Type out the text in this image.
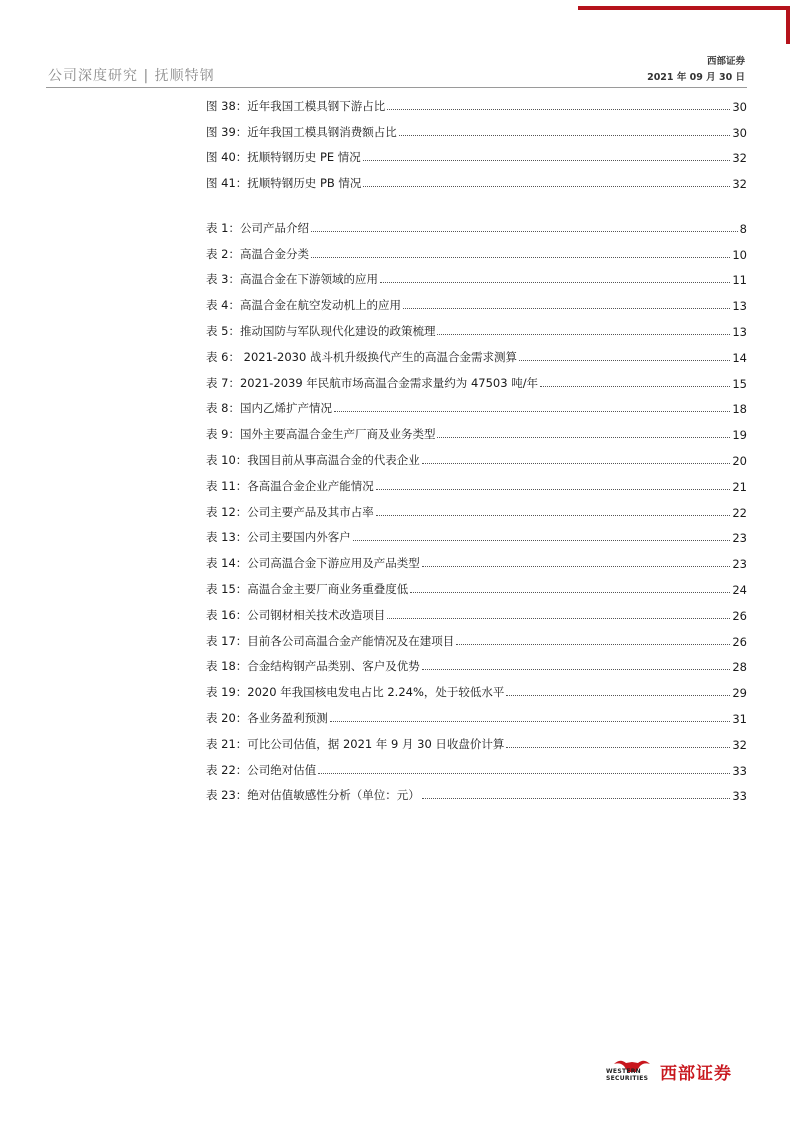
公司深度研究 | 抚顺特钢
西部证券
2021 年 09 月 30 日
图 38：近年我国工模具钢下游占比	30
图 39：近年我国工模具钢消费额占比	30
图 40：抚顺特钢历史 PE 情况	32
图 41：抚顺特钢历史 PB 情况	32
表 1：公司产品介绍	8
表 2：高温合金分类	10
表 3：高温合金在下游领域的应用	11
表 4：高温合金在航空发动机上的应用	13
表 5：推动国防与军队现代化建设的政策梳理	13
表 6： 2021-2030 战斗机升级换代产生的高温合金需求测算	14
表 7：2021-2039 年民航市场高温合金需求量约为 47503 吨/年	15
表 8：国内乙烯扩产情况	18
表 9：国外主要高温合金生产厂商及业务类型	19
表 10：我国目前从事高温合金的代表企业	20
表 11：各高温合金企业产能情况	21
表 12：公司主要产品及其市占率	22
表 13：公司主要国内外客户	23
表 14：公司高温合金下游应用及产品类型	23
表 15：高温合金主要厂商业务重叠度低	24
表 16：公司钢材相关技术改造项目	26
表 17：目前各公司高温合金产能情况及在建项目	26
表 18：合金结构钢产品类别、客户及优势	28
表 19：2020 年我国核电发电占比 2.24%，处于较低水平	29
表 20：各业务盈利预测	31
表 21：可比公司估值，据 2021 年 9 月 30 日收盘价计算	32
表 22：公司绝对估值	33
表 23：绝对估值敏感性分析（单位：元）	33
WESTERN SECURITIES 西部证券
